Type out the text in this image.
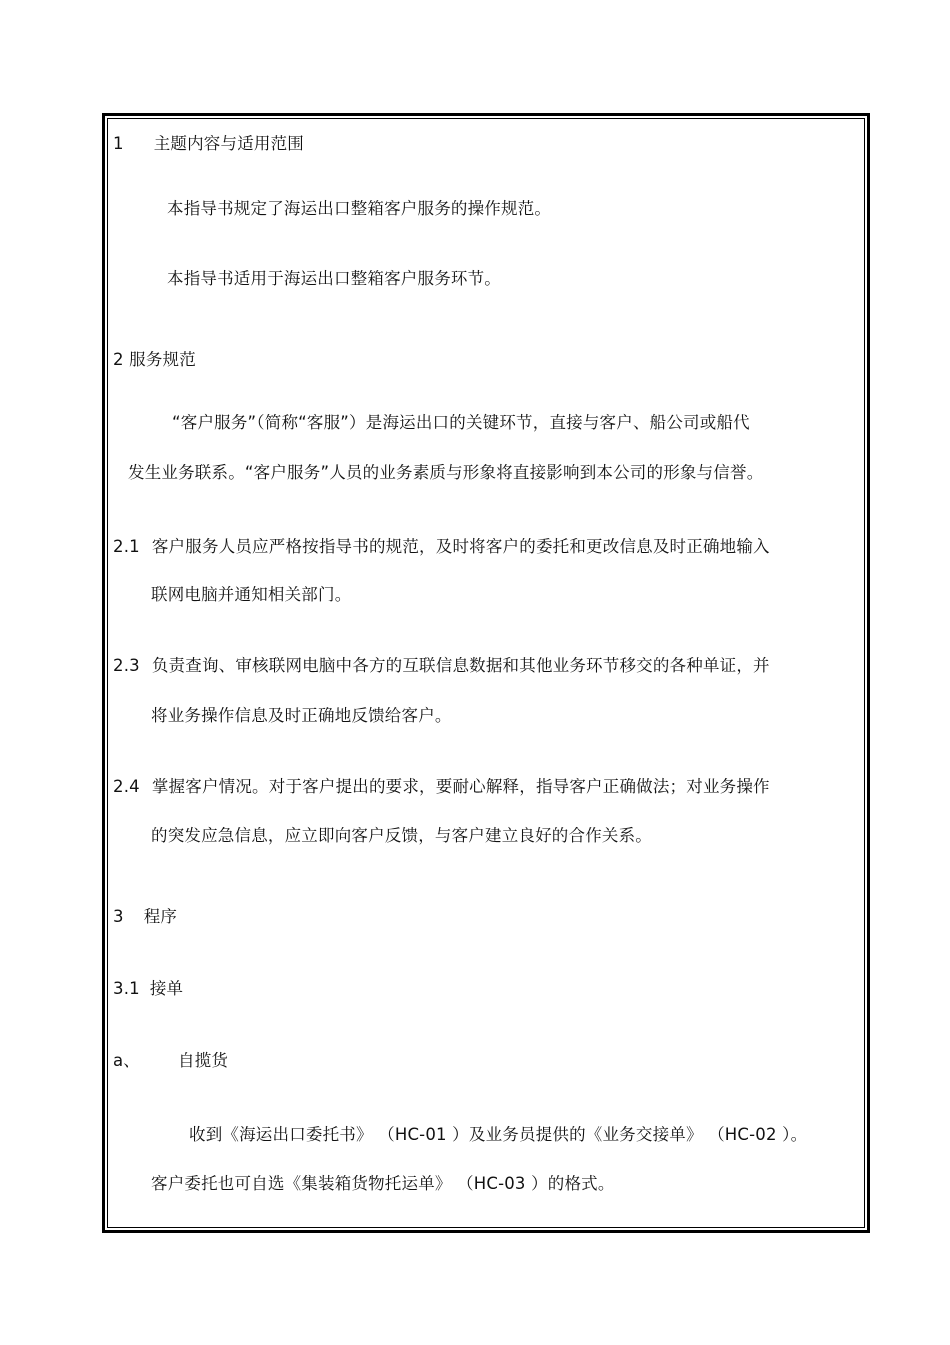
1 主题内容与适用范围
本指导书规定了海运出口整箱客户服务的操作规范。
本指导书适用于海运出口整箱客户服务环节。
2 服务规范
“客户服务”（简称“客服”）是海运出口的关键环节，直接与客户、船公司或船代
发生业务联系。“客户服务”人员的业务素质与形象将直接影响到本公司的形象与信誉。
2.1 客户服务人员应严格按指导书的规范，及时将客户的委托和更改信息及时正确地输入
联网电脑并通知相关部门。
2.3 负责查询、审核联网电脑中各方的互联信息数据和其他业务环节移交的各种单证，并
将业务操作信息及时正确地反馈给客户。
2.4 掌握客户情况。对于客户提出的要求，要耐心解释，指导客户正确做法；对业务操作
的突发应急信息，应立即向客户反馈，与客户建立良好的合作关系。
3 程序
3.1 接单
a、 自揽货
收到《海运出口委托书》 （HC-01 ）及业务员提供的《业务交接单》 （HC-02 ）。
客户委托也可自选《集装箱货物托运单》 （HC-03 ）的格式。
